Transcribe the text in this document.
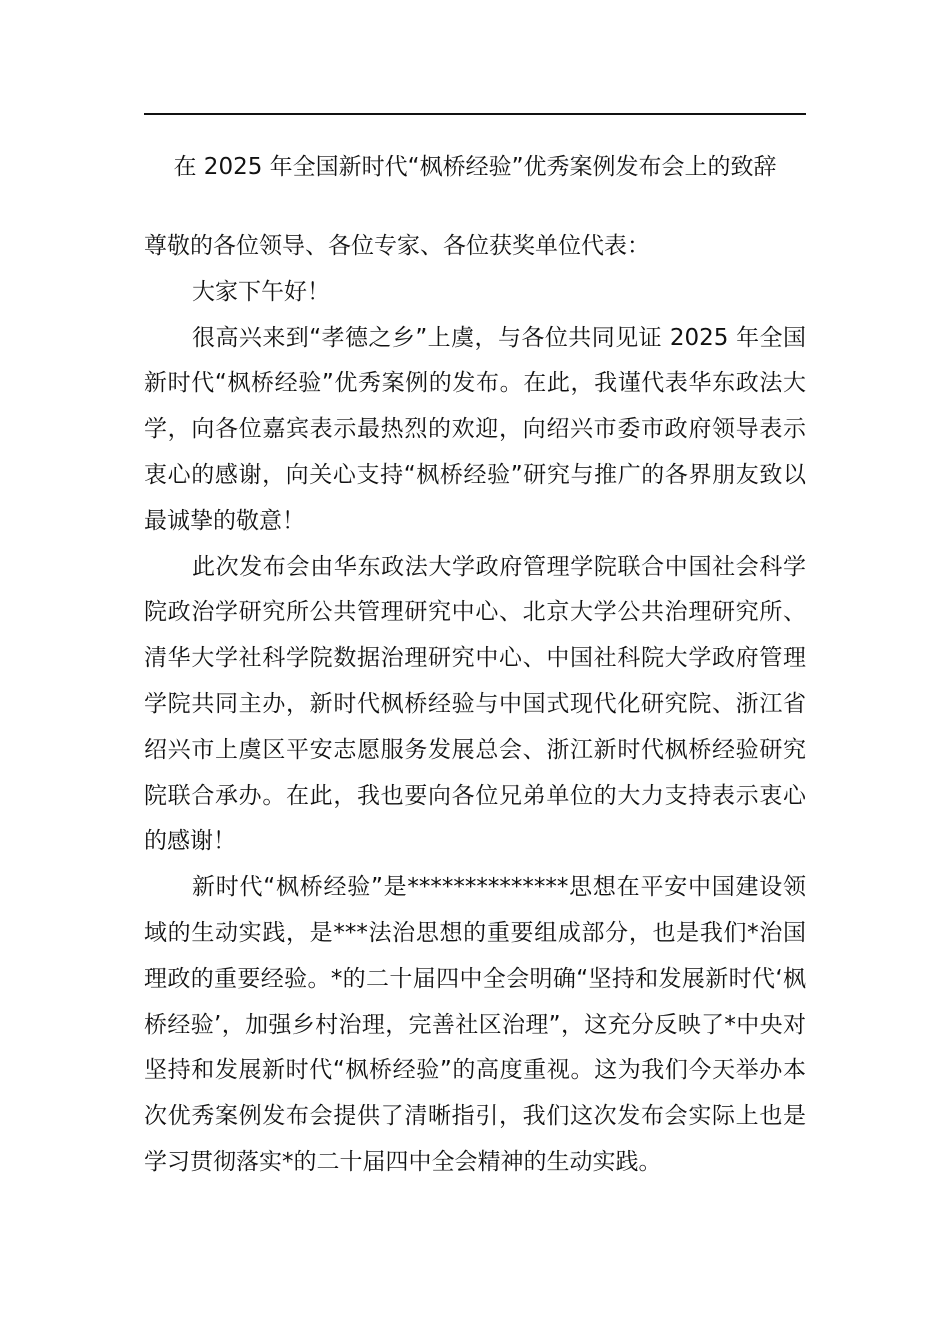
在 2025 年全国新时代“枫桥经验”优秀案例发布会上的致辞

尊敬的各位领导、各位专家、各位获奖单位代表：

大家下午好！

很高兴来到“孝德之乡”上虞，与各位共同见证 2025 年全国新时代“枫桥经验”优秀案例的发布。在此，我谨代表华东政法大学，向各位嘉宾表示最热烈的欢迎，向绍兴市委市政府领导表示衷心的感谢，向关心支持“枫桥经验”研究与推广的各界朋友致以最诚挚的敬意！

此次发布会由华东政法大学政府管理学院联合中国社会科学院政治学研究所公共管理研究中心、北京大学公共治理研究所、清华大学社科学院数据治理研究中心、中国社科院大学政府管理学院共同主办，新时代枫桥经验与中国式现代化研究院、浙江省绍兴市上虞区平安志愿服务发展总会、浙江新时代枫桥经验研究院联合承办。在此，我也要向各位兄弟单位的大力支持表示衷心的感谢！

新时代“枫桥经验”是**************思想在平安中国建设领域的生动实践，是***法治思想的重要组成部分，也是我们*治国理政的重要经验。*的二十届四中全会明确“坚持和发展新时代‘枫桥经验’，加强乡村治理，完善社区治理”，这充分反映了*中央对坚持和发展新时代“枫桥经验”的高度重视。这为我们今天举办本次优秀案例发布会提供了清晰指引，我们这次发布会实际上也是学习贯彻落实*的二十届四中全会精神的生动实践。
